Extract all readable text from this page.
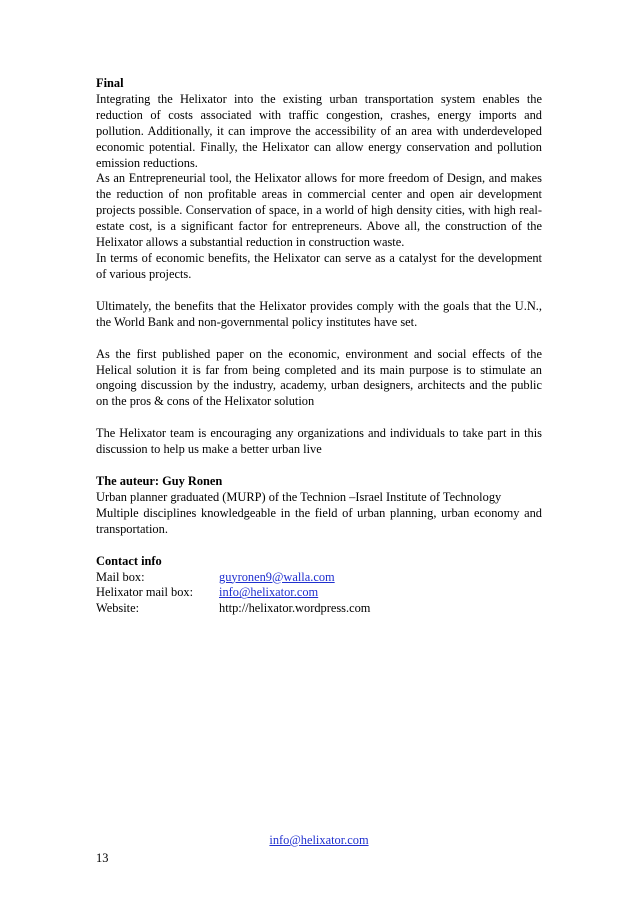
Final

Integrating the Helixator into the existing urban transportation system enables the reduction of costs associated with traffic congestion, crashes, energy imports and pollution. Additionally, it can improve the accessibility of an area with underdeveloped economic potential. Finally, the Helixator can allow energy conservation and pollution emission reductions.

As an Entrepreneurial tool, the Helixator allows for more freedom of Design, and makes the reduction of non profitable areas in commercial center and open air development projects possible. Conservation of space, in a world of high density cities, with high real-estate cost, is a significant factor for entrepreneurs. Above all, the construction of the Helixator allows a substantial reduction in construction waste.

In terms of economic benefits, the Helixator can serve as a catalyst for the development of various projects.

Ultimately, the benefits that the Helixator provides comply with the goals that the U.N., the World Bank and non-governmental policy institutes have set.

As the first published paper on the economic, environment and social effects of the Helical solution it is far from being completed and its main purpose is to stimulate an ongoing discussion by the industry, academy, urban designers, architects and the public on the pros & cons of the Helixator solution

The Helixator team is encouraging any organizations and individuals to take part in this discussion to help us make a better urban live

The auteur: Guy Ronen

Urban planner graduated (MURP) of the Technion –Israel Institute of Technology

Multiple disciplines knowledgeable in the field of urban planning, urban economy and transportation.

Contact info

Mail box:	guyronen9@walla.com
Helixator mail box:	info@helixator.com
Website:	http://helixator.wordpress.com
info@helixator.com
13
